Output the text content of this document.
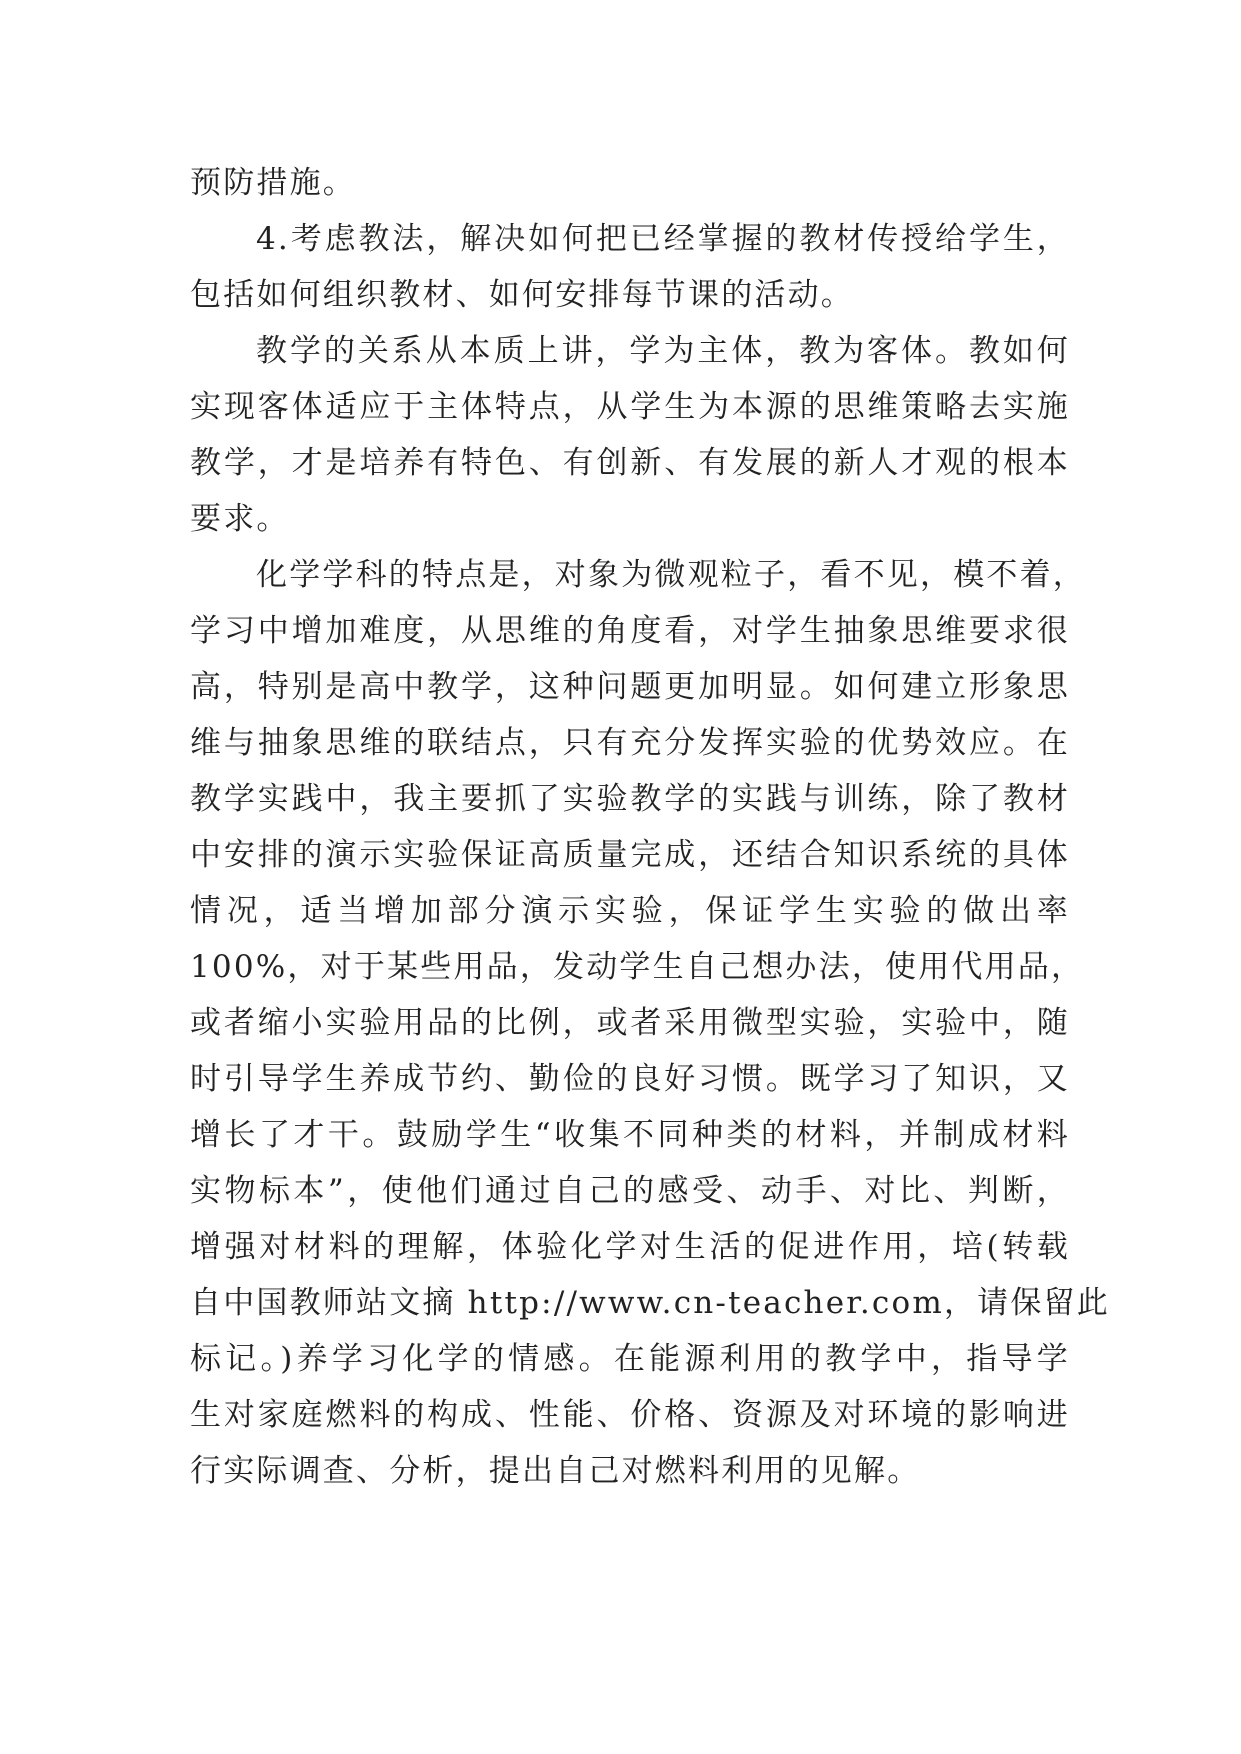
预防措施。
4.考虑教法，解决如何把已经掌握的教材传授给学生，
包括如何组织教材、如何安排每节课的活动。
教学的关系从本质上讲，学为主体，教为客体。教如何
实现客体适应于主体特点，从学生为本源的思维策略去实施
教学，才是培养有特色、有创新、有发展的新人才观的根本
要求。
化学学科的特点是，对象为微观粒子，看不见，模不着，
学习中增加难度，从思维的角度看，对学生抽象思维要求很
高，特别是高中教学，这种问题更加明显。如何建立形象思
维与抽象思维的联结点，只有充分发挥实验的优势效应。在
教学实践中，我主要抓了实验教学的实践与训练，除了教材
中安排的演示实验保证高质量完成，还结合知识系统的具体
情况，适当增加部分演示实验，保证学生实验的做出率
100%，对于某些用品，发动学生自己想办法，使用代用品，
或者缩小实验用品的比例，或者采用微型实验，实验中，随
时引导学生养成节约、勤俭的良好习惯。既学习了知识，又
增长了才干。鼓励学生“收集不同种类的材料，并制成材料
实物标本”，使他们通过自己的感受、动手、对比、判断，
增强对材料的理解，体验化学对生活的促进作用，培(转载
自中国教师站文摘 http://www.cn-teacher.com，请保留此
标记。)养学习化学的情感。在能源利用的教学中，指导学
生对家庭燃料的构成、性能、价格、资源及对环境的影响进
行实际调查、分析，提出自己对燃料利用的见解。
